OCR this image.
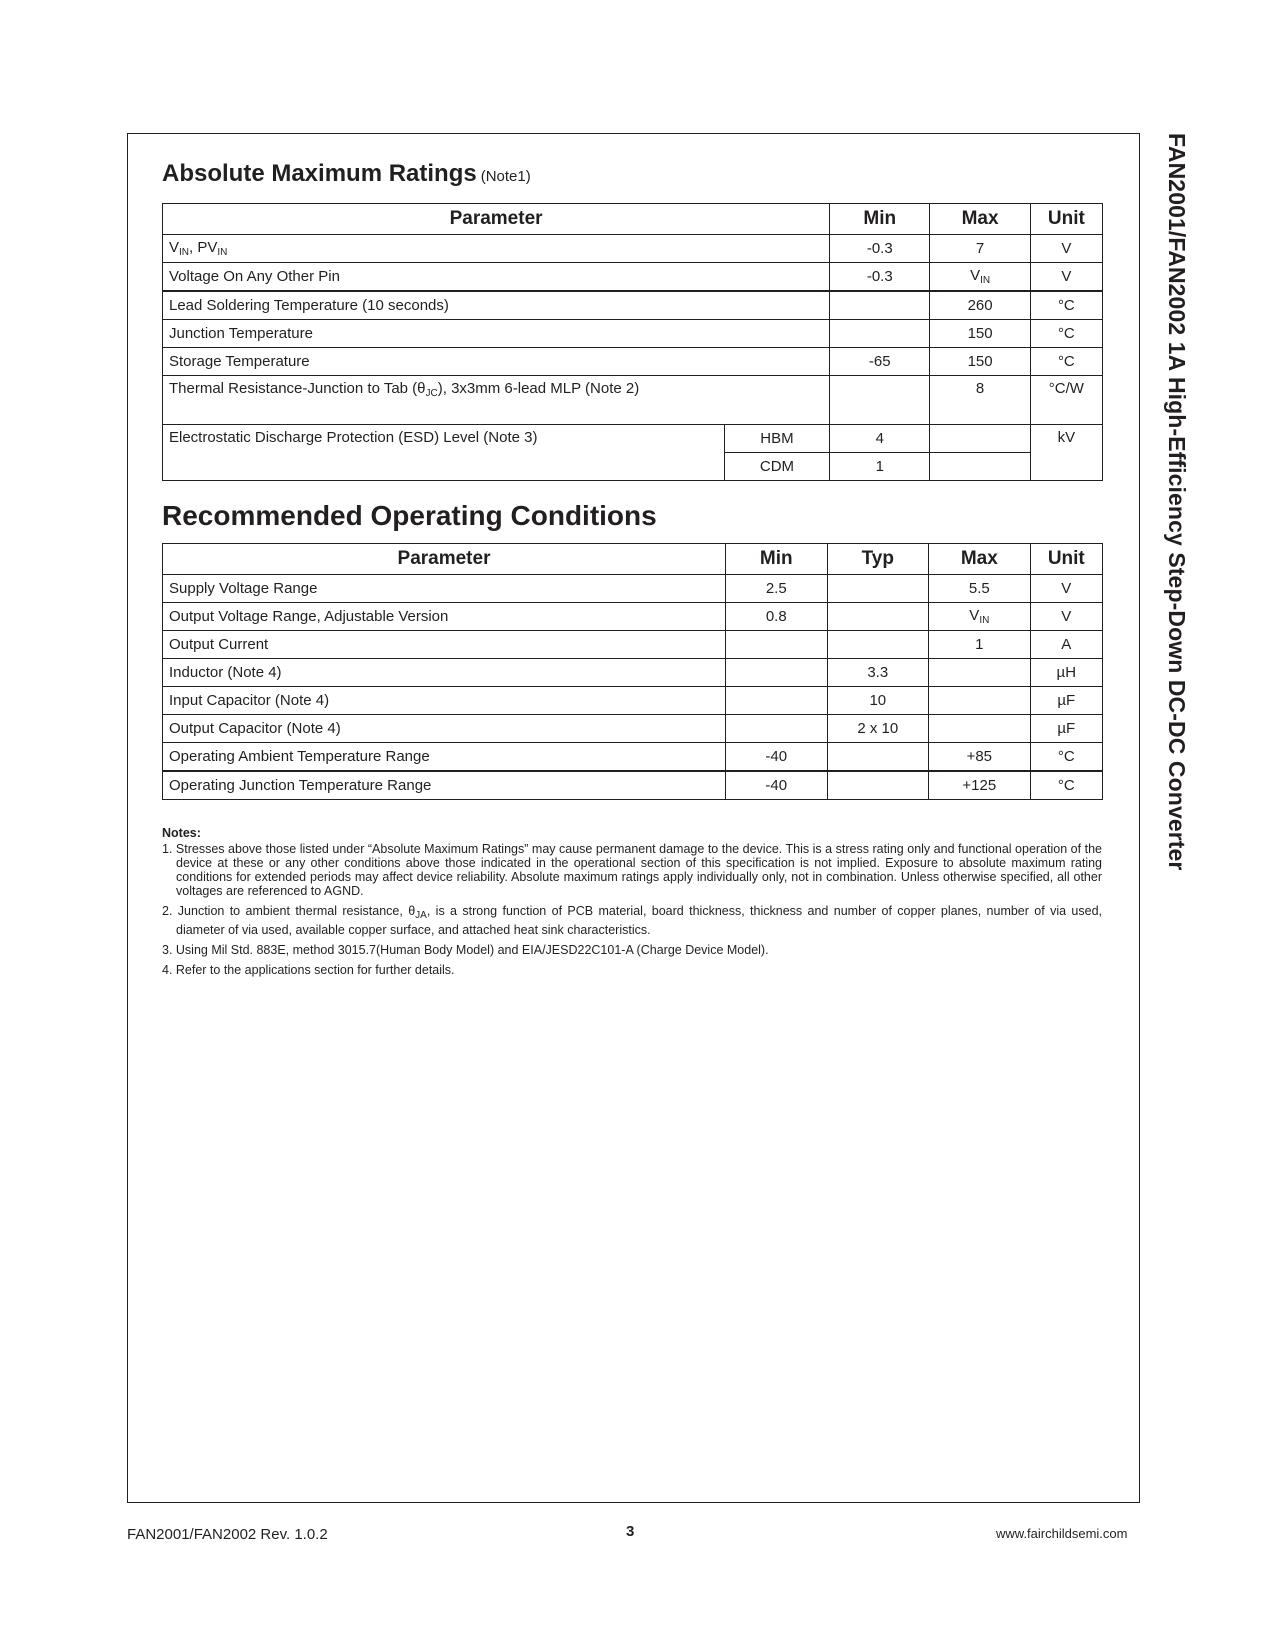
FAN2001/FAN2002 1A High-Efficiency Step-Down DC-DC Converter
Absolute Maximum Ratings (Note1)
Parameter		Min	Max	Unit
$V_{IN}$, $PV_{IN}$		-0.3	7	V
Voltage On Any Other Pin		-0.3	$V_{IN}$	V
Lead Soldering Temperature (10 seconds)			260	°C
Junction Temperature			150	°C
Storage Temperature		-65	150	°C
Thermal Resistance-Junction to Tab $(\theta_{JC})$, 3x3mm 6-lead MLP (Note 2)			8	°C/W
Electrostatic Discharge Protection (ESD) Level (Note 3)	HBM	4		kV
	CDM	1		
Recommended Operating Conditions
Parameter	Min	Typ	Max	Unit
Supply Voltage Range	2.5		5.5	V
Output Voltage Range, Adjustable Version	0.8		$V_{IN}$	V
Output Current			1	A
Inductor (Note 4)		3.3		µH
Input Capacitor (Note 4)		10		µF
Output Capacitor (Note 4)		2 x 10		µF
Operating Ambient Temperature Range	-40		+85	°C
Operating Junction Temperature Range	-40		+125	°C
Notes:
1. Stresses above those listed under “Absolute Maximum Ratings” may cause permanent damage to the device. This is a stress rating only and functional operation of the device at these or any other conditions above those indicated in the operational section of this specification is not implied. Exposure to absolute maximum rating conditions for extended periods may affect device reliability. Absolute maximum ratings apply individually only, not in combination. Unless otherwise specified, all other voltages are referenced to AGND.
2. Junction to ambient thermal resistance, $\theta_{JA}$, is a strong function of PCB material, board thickness, thickness and number of copper planes, number of via used, diameter of via used, available copper surface, and attached heat sink characteristics.
3. Using Mil Std. 883E, method 3015.7(Human Body Model) and EIA/JESD22C101-A (Charge Device Model).
4. Refer to the applications section for further details.
FAN2001/FAN2002 Rev. 1.0.2	3	www.fairchildsemi.com
